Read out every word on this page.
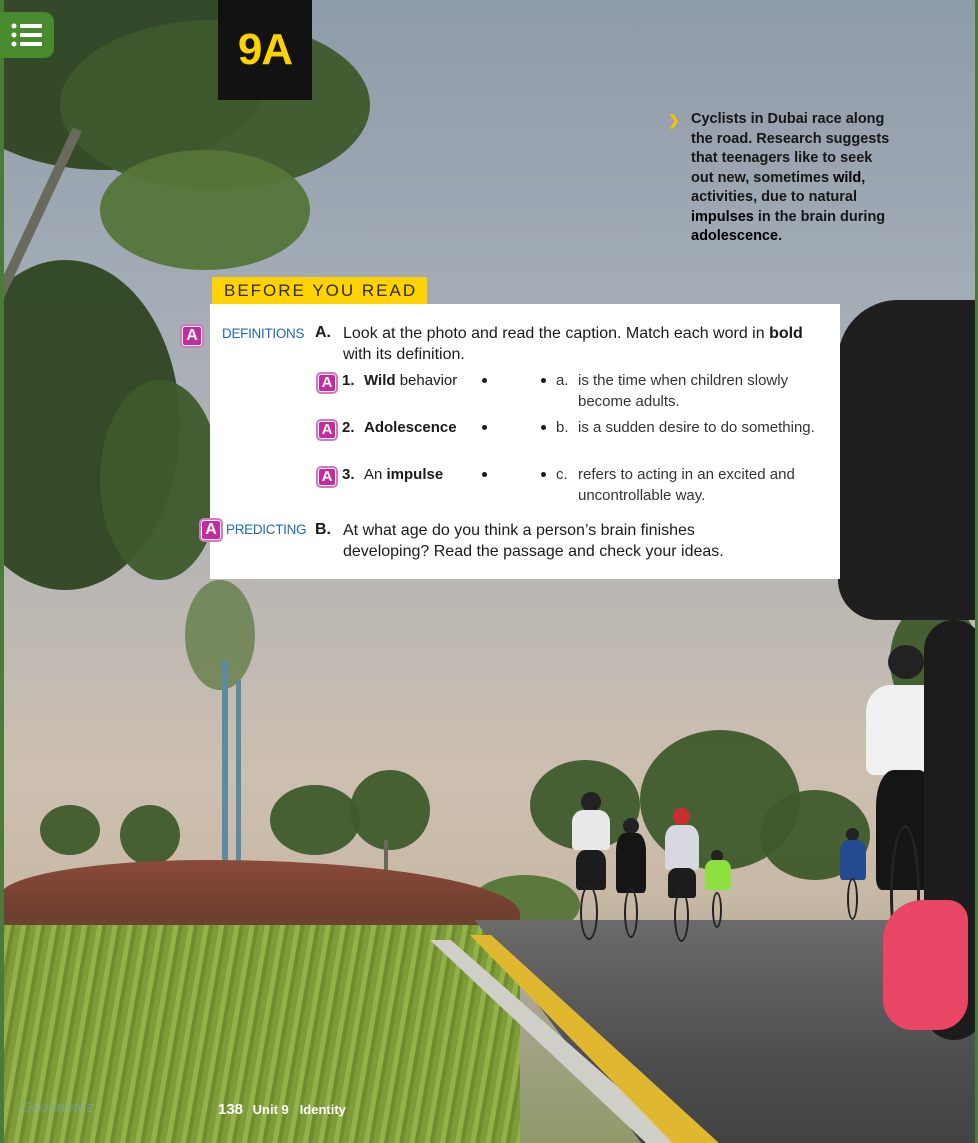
9A
❯ Cyclists in Dubai race along the road. Research suggests that teenagers like to seek out new, sometimes wild, activities, due to natural impulses in the brain during adolescence.
BEFORE YOU READ
A	DEFINITIONS A. Look at the photo and read the caption. Match each word in bold with its definition.
A 1. Wild behavior
A 2. Adolescence
A 3. An impulse
a. is the time when children slowly become adults.
b. is a sudden desire to do something.
c. refers to acting in an excited and uncontrollable way.
A PREDICTING B. At what age do you think a person’s brain finishes developing? Read the passage and check your ideas.
Goodnotes	138 Unit 9 Identity
